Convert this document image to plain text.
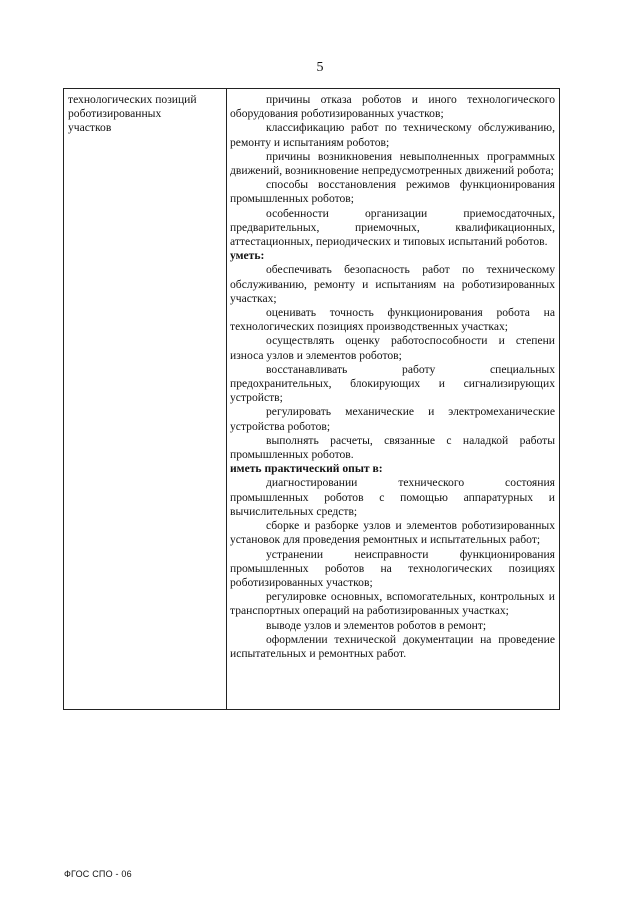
5
технологических позиций
роботизированных
участков

причины отказа роботов и иного технологического оборудования роботизированных участков;

классификацию работ по техническому обслуживанию, ремонту и испытаниям роботов;

причины возникновения невыполненных программных движений, возникновение непредусмотренных движений робота;

способы восстановления режимов функционирования промышленных роботов;

особенности организации приемосдаточных, предварительных, приемочных, квалификационных, аттестационных, периодических и типовых испытаний роботов.

уметь:

обеспечивать безопасность работ по техническому обслуживанию, ремонту и испытаниям на роботизированных участках;

оценивать точность функционирования робота на технологических позициях производственных участках;

осуществлять оценку работоспособности и степени износа узлов и элементов роботов;

восстанавливать работу специальных предохранительных, блокирующих и сигнализирующих устройств;

регулировать механические и электромеханические устройства роботов;

выполнять расчеты, связанные с наладкой работы промышленных роботов.

иметь практический опыт в:

диагностировании технического состояния промышленных роботов с помощью аппаратурных и вычислительных средств;

сборке и разборке узлов и элементов роботизированных установок для проведения ремонтных и испытательных работ;

устранении неисправности функционирования промышленных роботов на технологических позициях роботизированных участков;

регулировке основных, вспомогательных, контрольных и транспортных операций на работизированных участках;

выводе узлов и элементов роботов в ремонт;

оформлении технической документации на проведение испытательных и ремонтных работ.

ФГОС СПО - 06
